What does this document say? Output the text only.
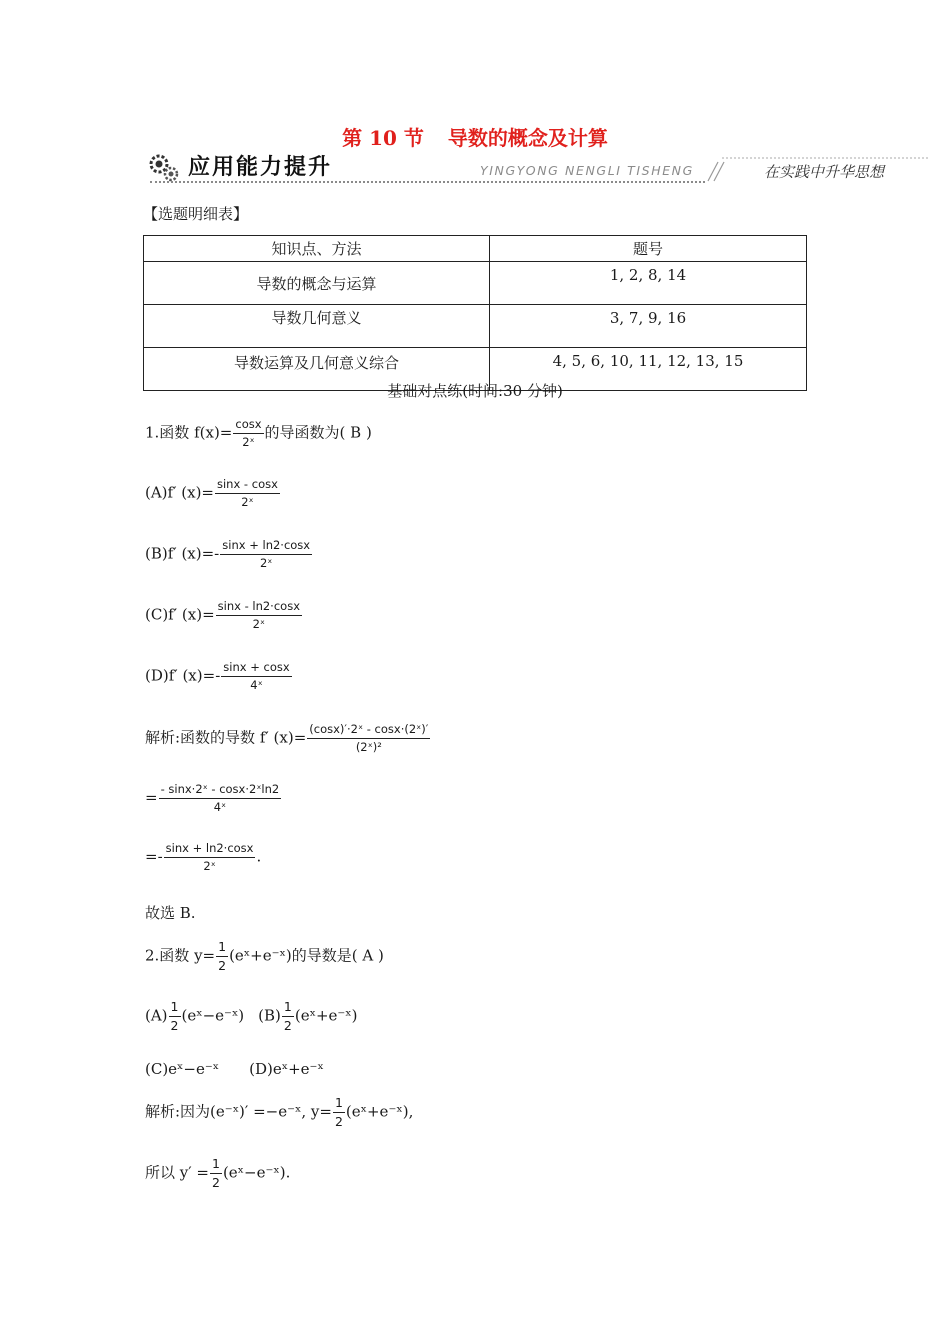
第 10 节 导数的概念及计算
应用能力提升	YINGYONG NENGLI TISHENG	在实践中升华思想
【选题明细表】
知识点、方法	题号
导数的概念与运算	1, 2, 8, 14
导数几何意义	3, 7, 9, 16
导数运算及几何意义综合	4, 5, 6, 10, 11, 12, 13, 15
基础对点练(时间:30 分钟)
1.函数 $f(x)= \frac{\cos x}{\text{2ˣ}}$ 的导函数为( B )
(A)f′ $(x)= \frac{\sin x - \cos x}{\text{2ˣ}}$
(B)f′ $(x)=- \frac{\sin x + \ln 2\cdot\cos x}{\text{2ˣ}}$
(C)f′ $(x)= \frac{\sin x - \ln 2\cdot\cos x}{\text{2ˣ}}$
(D)f′ $(x)=- \frac{\sin x + \cos x}{\text{4ˣ}}$
解析:函数的导数 f′ $(x)= \frac{\text{(cosx)′·2ˣ - cosx·(2ˣ)′}}{\text{(2ˣ)²}}$
= $\frac{\text{- sinx·2ˣ - cosx·2ˣln2}}{\text{4ˣ}}$
=- $\frac{\sin x + \ln 2\cdot\cos x}{\text{2ˣ}}$ .
故选 B.
2.函数 $y= \frac{1}{2}$ (eˣ+e⁻ˣ)的导数是( A )
$(A) \frac{1}{2}$ (eˣ−e⁻ˣ) $(B) \frac{1}{2}$ (eˣ+e⁻ˣ)
(C)eˣ−e⁻ˣ (D)eˣ+e⁻ˣ
解析:因为(e⁻ˣ)′ =−e⁻ˣ, $y= \frac{1}{2}$ (eˣ+e⁻ˣ),
所以 $y' = \frac{1}{2}$ (eˣ−e⁻ˣ).
